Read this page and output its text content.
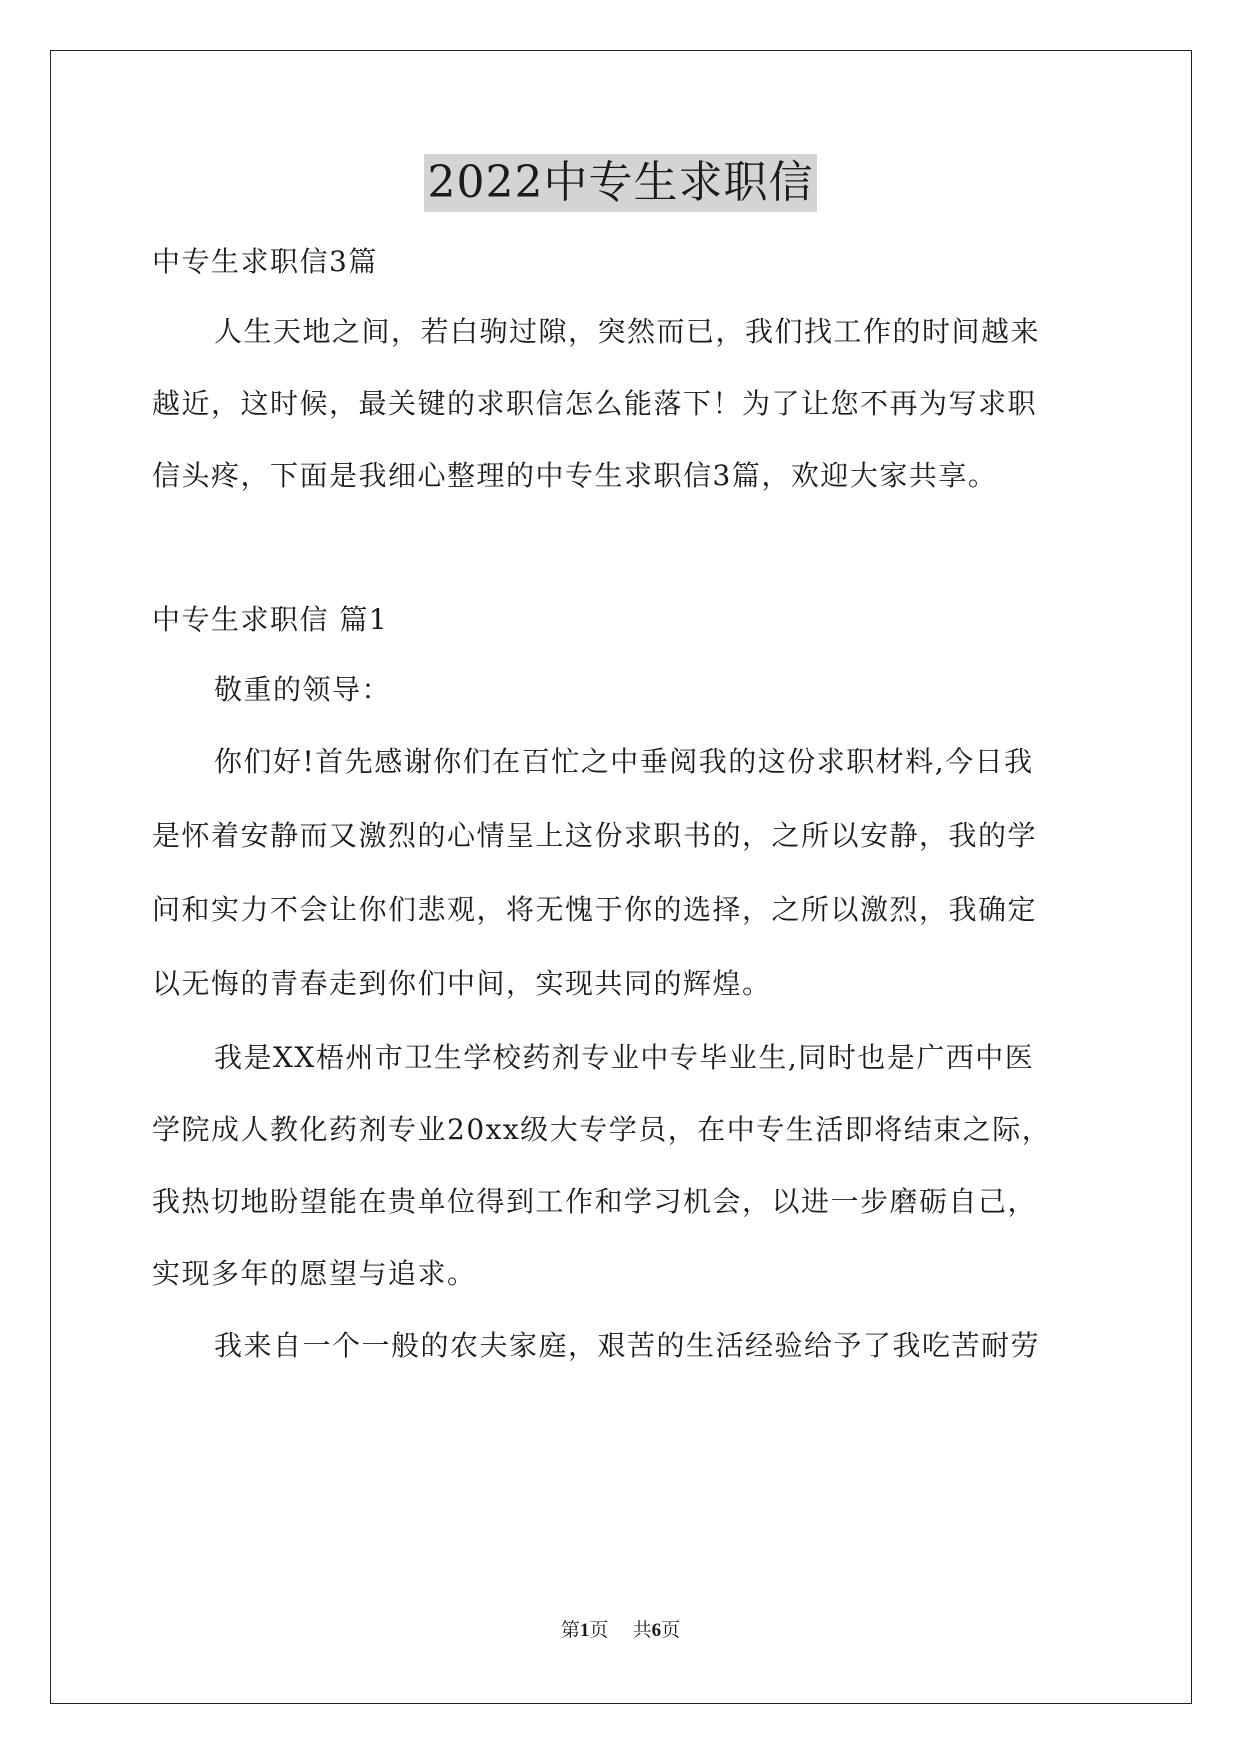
2022中专生求职信
中专生求职信3篇
人生天地之间，若白驹过隙，突然而已，我们找工作的时间越来
越近，这时候，最关键的求职信怎么能落下！为了让您不再为写求职
信头疼，下面是我细心整理的中专生求职信3篇，欢迎大家共享。
中专生求职信 篇1
敬重的领导：
你们好!首先感谢你们在百忙之中垂阅我的这份求职材料,今日我
是怀着安静而又激烈的心情呈上这份求职书的，之所以安静，我的学
问和实力不会让你们悲观，将无愧于你的选择，之所以激烈，我确定
以无悔的青春走到你们中间，实现共同的辉煌。
我是XX梧州市卫生学校药剂专业中专毕业生,同时也是广西中医
学院成人教化药剂专业20xx级大专学员，在中专生活即将结束之际，
我热切地盼望能在贵单位得到工作和学习机会，以进一步磨砺自己，
实现多年的愿望与追求。
我来自一个一般的农夫家庭，艰苦的生活经验给予了我吃苦耐劳
第1页 共6页
